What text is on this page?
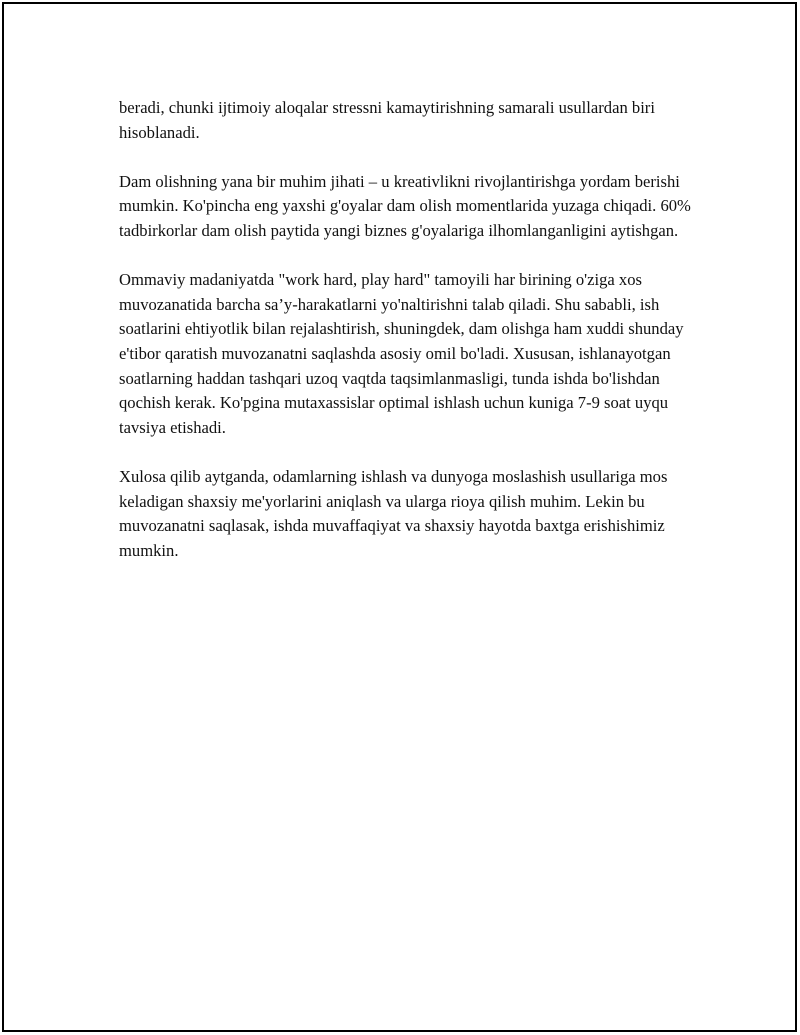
beradi, chunki ijtimoiy aloqalar stressni kamaytirishning samarali usullardan biri hisoblanadi.

Dam olishning yana bir muhim jihati – u kreativlikni rivojlantirishga yordam berishi mumkin. Ko'pincha eng yaxshi g'oyalar dam olish momentlarida yuzaga chiqadi. 60% tadbirkorlar dam olish paytida yangi biznes g'oyalariga ilhomlanganligini aytishgan.

Ommaviy madaniyatda "work hard, play hard" tamoyili har birining o'ziga xos muvozanatida barcha sa’y-harakatlarni yo'naltirishni talab qiladi. Shu sababli, ish soatlarini ehtiyotlik bilan rejalashtirish, shuningdek, dam olishga ham xuddi shunday e'tibor qaratish muvozanatni saqlashda asosiy omil bo'ladi. Xususan, ishlanayotgan soatlarning haddan tashqari uzoq vaqtda taqsimlanmasligi, tunda ishda bo'lishdan qochish kerak. Ko'pgina mutaxassislar optimal ishlash uchun kuniga 7-9 soat uyqu tavsiya etishadi.

Xulosa qilib aytganda, odamlarning ishlash va dunyoga moslashish usullariga mos keladigan shaxsiy me'yorlarini aniqlash va ularga rioya qilish muhim. Lekin bu muvozanatni saqlasak, ishda muvaffaqiyat va shaxsiy hayotda baxtga erishishimiz mumkin.
